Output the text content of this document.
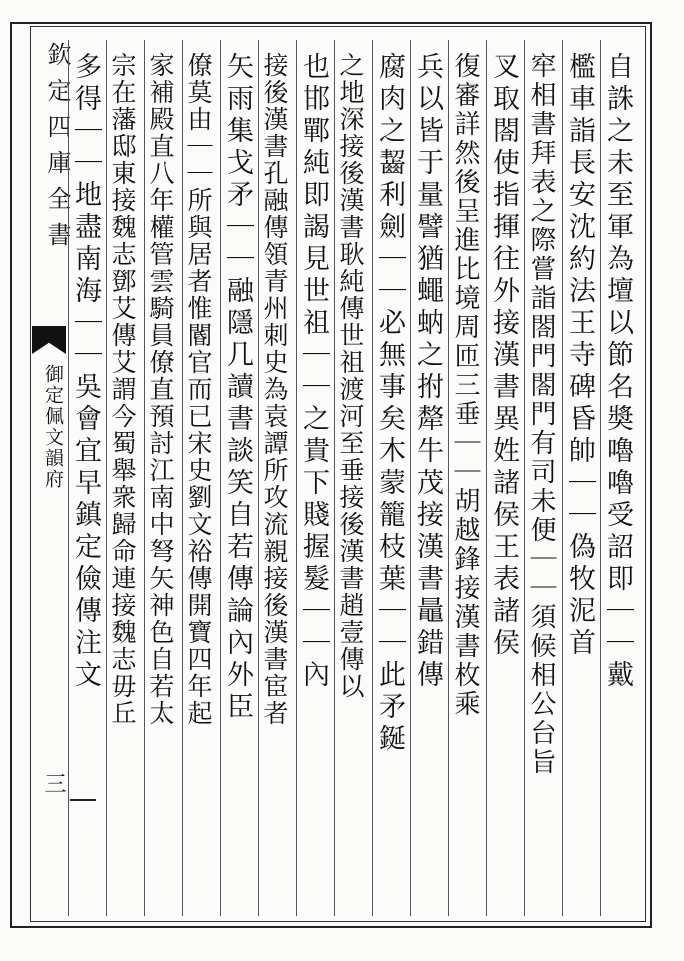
欽定四庫全書
御定佩文韻府
三
自誅之未至軍為壇以節名奬嚕嚕受詔即｜｜戴
檻車詣長安沈約法王寺碑昏帥｜｜偽牧泥首
窂相書拜表之際嘗詣閤門閤門有司未便｜｜須候相公台旨
叉取閤使指揮往外接漢書異姓諸侯王表諸侯
復審詳然後呈進比境周匝三垂｜｜胡越鋒接漢書枚乘
兵以皆于量譬猶蠅蚋之拊犛牛茂接漢書鼂錯傳
腐肉之齧利劍｜｜必無事矣木蒙籠枝葉｜｜此矛鋋
之地深接後漢書耿純傳世祖渡河至垂接後漢書趙壹傳以
也邯鄲純即謁見世祖｜｜之貴下賤握髮｜｜內
接後漢書孔融傳領青州刺史為袁譚所攻流親接後漢書宦者
矢雨集戈矛｜｜融隱几讀書談笑自若傳論內外臣
僚莫由｜｜所與居者惟閽官而已宋史劉文裕傳開寶四年起
家補殿直八年權管雲騎員僚直預討江南中弩矢神色自若太
宗在藩邸東接魏志鄧艾傳艾謂今蜀舉衆歸命連接魏志毋丘
多得｜｜地盡南海｜｜吳會宜早鎮定儉傳注文
